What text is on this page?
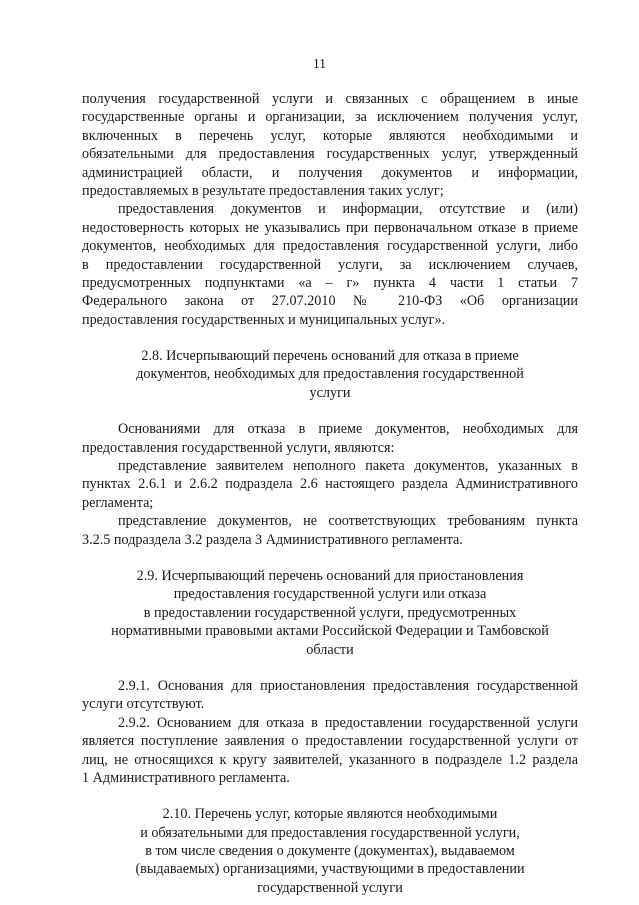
11
получения государственной услуги и связанных с обращением в иные
государственные органы и организации, за исключением получения услуг,
включенных в перечень услуг, которые являются необходимыми и
обязательными для предоставления государственных услуг, утвержденный
администрацией области, и получения документов и информации,
предоставляемых в результате предоставления таких услуг;
предоставления документов и информации, отсутствие и (или)
недостоверность которых не указывались при первоначальном отказе в приеме
документов, необходимых для предоставления государственной услуги, либо
в предоставлении государственной услуги, за исключением случаев,
предусмотренных подпунктами «а – г» пункта 4 части 1 статьи 7
Федерального закона от 27.07.2010 № 210-ФЗ «Об организации
предоставления государственных и муниципальных услуг».
2.8. Исчерпывающий перечень оснований для отказа в приеме
документов, необходимых для предоставления государственной
услуги
Основаниями для отказа в приеме документов, необходимых для
предоставления государственной услуги, являются:
представление заявителем неполного пакета документов, указанных в
пунктах 2.6.1 и 2.6.2 подраздела 2.6 настоящего раздела Административного
регламента;
представление документов, не соответствующих требованиям пункта
3.2.5 подраздела 3.2 раздела 3 Административного регламента.
2.9. Исчерпывающий перечень оснований для приостановления
предоставления государственной услуги или отказа
в предоставлении государственной услуги, предусмотренных
нормативными правовыми актами Российской Федерации и Тамбовской
области
2.9.1. Основания для приостановления предоставления государственной
услуги отсутствуют.
2.9.2. Основанием для отказа в предоставлении государственной услуги
является поступление заявления о предоставлении государственной услуги от
лиц, не относящихся к кругу заявителей, указанного в подразделе 1.2 раздела
1 Административного регламента.
2.10. Перечень услуг, которые являются необходимыми
и обязательными для предоставления государственной услуги,
в том числе сведения о документе (документах), выдаваемом
(выдаваемых) организациями, участвующими в предоставлении
государственной услуги
